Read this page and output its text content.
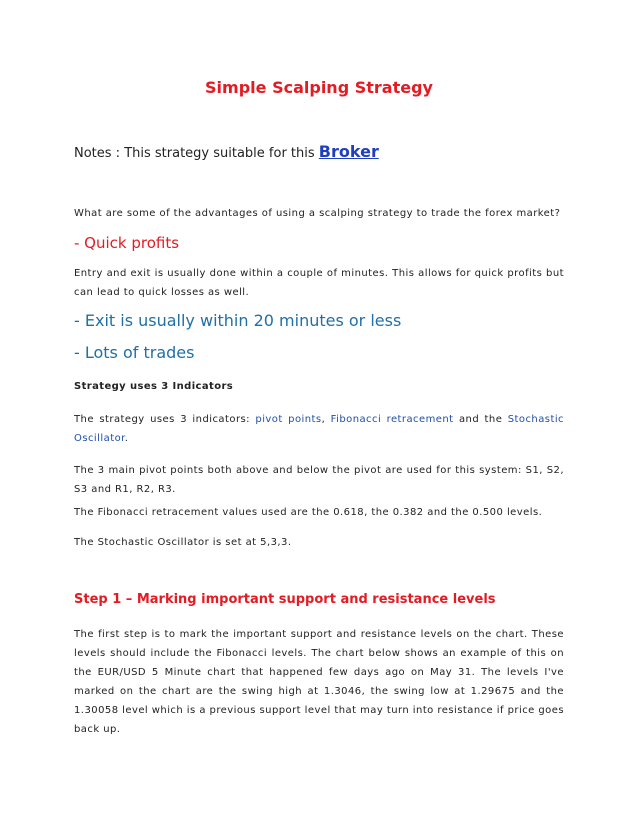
Simple Scalping Strategy
Notes : This strategy suitable for this Broker
What are some of the advantages of using a scalping strategy to trade the forex market?
- Quick profits
Entry and exit is usually done within a couple of minutes. This allows for quick profits but can lead to quick losses as well.
- Exit is usually within 20 minutes or less
- Lots of trades
Strategy uses 3 Indicators
The strategy uses 3 indicators: pivot points, Fibonacci retracement and the Stochastic Oscillator.
The 3 main pivot points both above and below the pivot are used for this system: S1, S2, S3 and R1, R2, R3.
The Fibonacci retracement values used are the 0.618, the 0.382 and the 0.500 levels.
The Stochastic Oscillator is set at 5,3,3.
Step 1 – Marking important support and resistance levels
The first step is to mark the important support and resistance levels on the chart. These levels should include the Fibonacci levels. The chart below shows an example of this on the EUR/USD 5 Minute chart that happened few days ago on May 31. The levels I've marked on the chart are the swing high at 1.3046, the swing low at 1.29675 and the 1.30058 level which is a previous support level that may turn into resistance if price goes back up.
